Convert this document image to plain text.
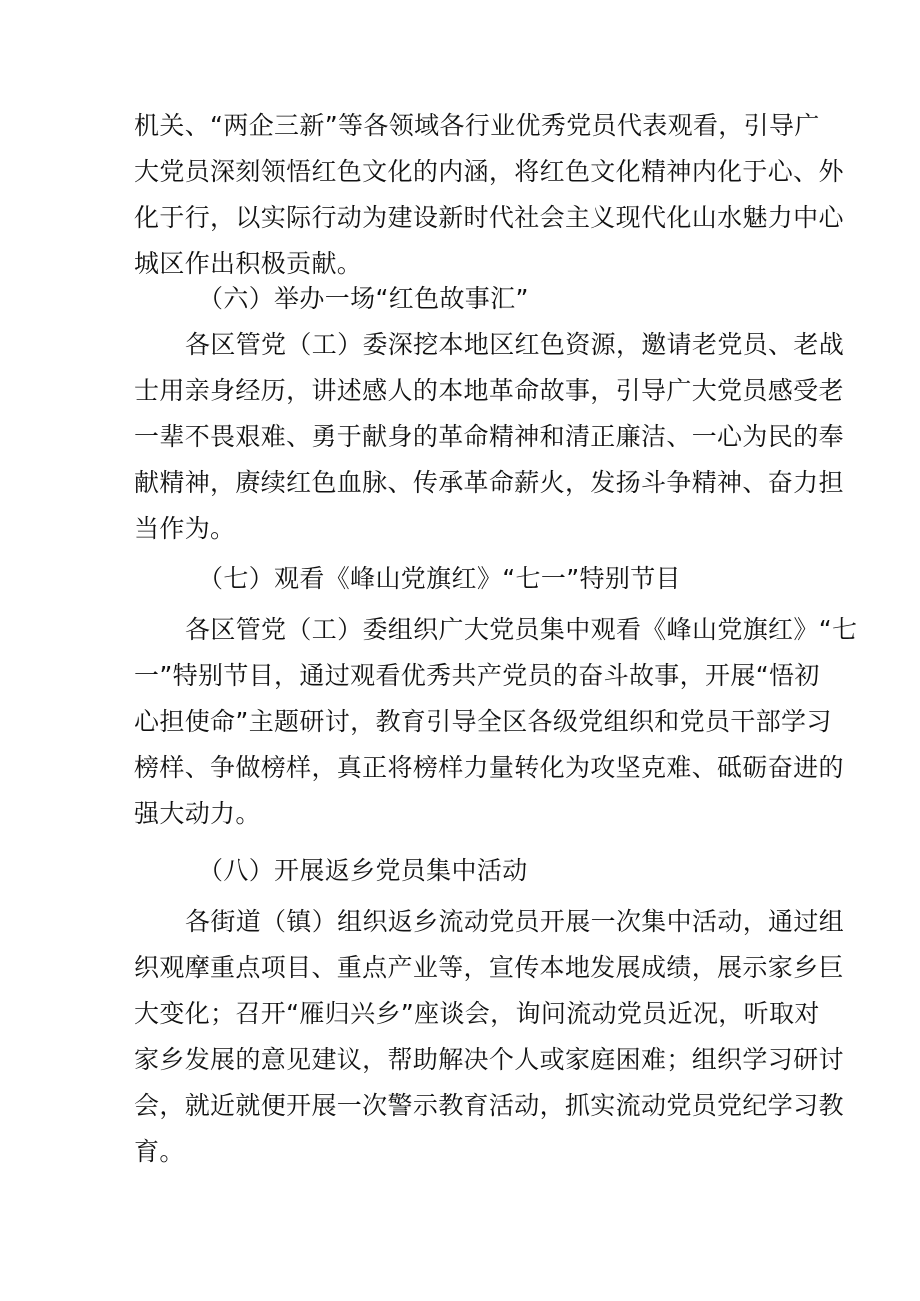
机关、“两企三新”等各领域各行业优秀党员代表观看，引导广
大党员深刻领悟红色文化的内涵，将红色文化精神内化于心、外
化于行，以实际行动为建设新时代社会主义现代化山水魅力中心
城区作出积极贡献。
（六）举办一场“红色故事汇”
各区管党（工）委深挖本地区红色资源，邀请老党员、老战
士用亲身经历，讲述感人的本地革命故事，引导广大党员感受老
一辈不畏艰难、勇于献身的革命精神和清正廉洁、一心为民的奉
献精神，赓续红色血脉、传承革命薪火，发扬斗争精神、奋力担
当作为。
（七）观看《峰山党旗红》“七一”特别节目
各区管党（工）委组织广大党员集中观看《峰山党旗红》“七
一”特别节目，通过观看优秀共产党员的奋斗故事，开展“悟初
心担使命”主题研讨，教育引导全区各级党组织和党员干部学习
榜样、争做榜样，真正将榜样力量转化为攻坚克难、砥砺奋进的
强大动力。
（八）开展返乡党员集中活动
各街道（镇）组织返乡流动党员开展一次集中活动，通过组
织观摩重点项目、重点产业等，宣传本地发展成绩，展示家乡巨
大变化；召开“雁归兴乡”座谈会，询问流动党员近况，听取对
家乡发展的意见建议，帮助解决个人或家庭困难；组织学习研讨
会，就近就便开展一次警示教育活动，抓实流动党员党纪学习教
育。
